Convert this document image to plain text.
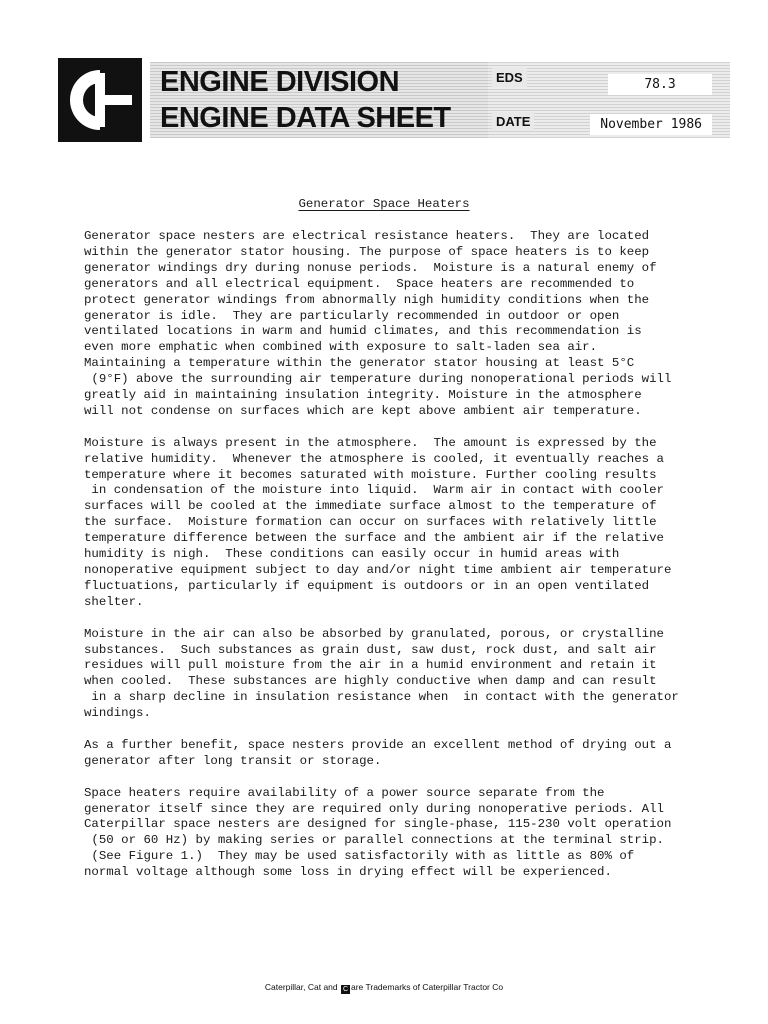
ENGINE DIVISION
ENGINE DATA SHEET
EDS	78.3
DATE	November 1986
Generator Space Heaters
Generator space nesters are electrical resistance heaters.  They are located
within the generator stator housing. The purpose of space heaters is to keep
generator windings dry during nonuse periods.  Moisture is a natural enemy of
generators and all electrical equipment.  Space heaters are recommended to
protect generator windings from abnormally nigh humidity conditions when the
generator is idle.  They are particularly recommended in outdoor or open
ventilated locations in warm and humid climates, and this recommendation is
even more emphatic when combined with exposure to salt-laden sea air.
Maintaining a temperature within the generator stator housing at least 5°C
(9°F) above the surrounding air temperature during nonoperational periods will
greatly aid in maintaining insulation integrity. Moisture in the atmosphere
will not condense on surfaces which are kept above ambient air temperature.
Moisture is always present in the atmosphere.  The amount is expressed by the
relative humidity.  Whenever the atmosphere is cooled, it eventually reaches a
temperature where it becomes saturated with moisture. Further cooling results
in condensation of the moisture into liquid.  Warm air in contact with cooler
surfaces will be cooled at the immediate surface almost to the temperature of
the surface.  Moisture formation can occur on surfaces with relatively little
temperature difference between the surface and the ambient air if the relative
humidity is nigh.  These conditions can easily occur in humid areas with
nonoperative equipment subject to day and/or night time ambient air temperature
fluctuations, particularly if equipment is outdoors or in an open ventilated
shelter.
Moisture in the air can also be absorbed by granulated, porous, or crystalline
substances.  Such substances as grain dust, saw dust, rock dust, and salt air
residues will pull moisture from the air in a humid environment and retain it
when cooled.  These substances are highly conductive when damp and can result
in a sharp decline in insulation resistance when  in contact with the generator
windings.
As a further benefit, space nesters provide an excellent method of drying out a
generator after long transit or storage.
Space heaters require availability of a power source separate from the
generator itself since they are required only during nonoperative periods. All
Caterpillar space nesters are designed for single-phase, 115-230 volt operation
(50 or 60 Hz) by making series or parallel connections at the terminal strip.
(See Figure 1.)  They may be used satisfactorily with as little as 80% of
normal voltage although some loss in drying effect will be experienced.
Caterpillar, Cat and C are Trademarks of Caterpillar Tractor Co
